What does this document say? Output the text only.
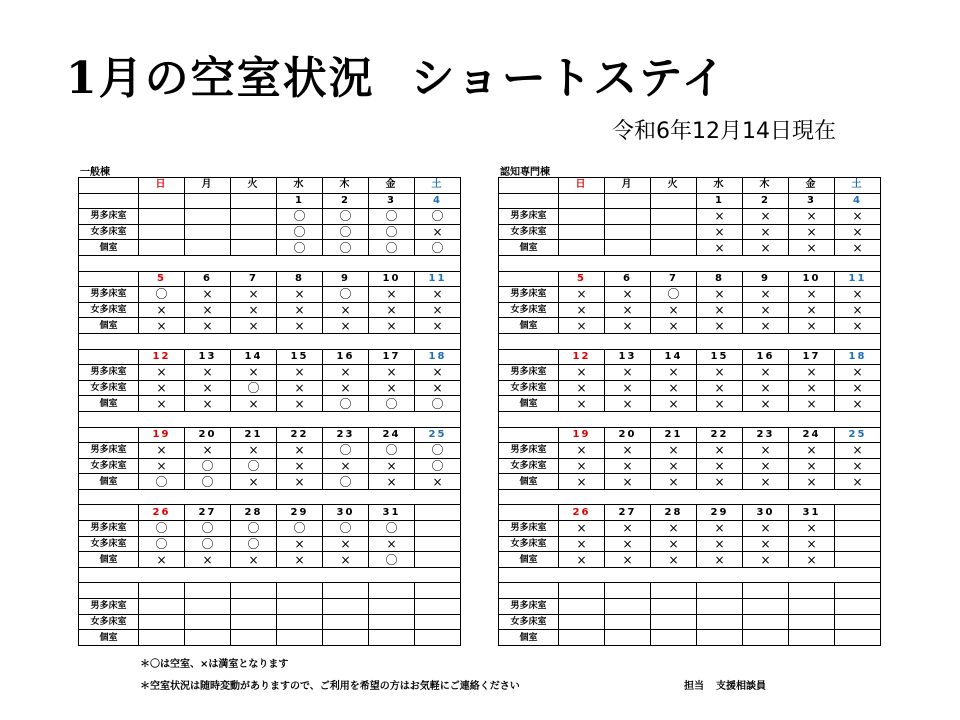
1月の空室状況 ショートステイ
令和6年12月14日現在
一般棟
	日	月	火	水	木	金	土
				1	2	3	4
男多床室				〇	〇	〇	〇
女多床室				〇	〇	〇	×
個室				〇	〇	〇	〇

	5	6	7	8	9	10	11
男多床室	〇	×	×	×	〇	×	×
女多床室	×	×	×	×	×	×	×
個室	×	×	×	×	×	×	×

	12	13	14	15	16	17	18
男多床室	×	×	×	×	×	×	×
女多床室	×	×	〇	×	×	×	×
個室	×	×	×	×	〇	〇	〇

	19	20	21	22	23	24	25
男多床室	×	×	×	×	〇	〇	〇
女多床室	×	〇	〇	×	×	×	〇
個室	〇	〇	×	×	〇	×	×

	26	27	28	29	30	31	
男多床室	〇	〇	〇	〇	〇	〇	
女多床室	〇	〇	〇	×	×	×	
個室	×	×	×	×	×	〇	

男多床室							
女多床室							
個室							
認知専門棟
	日	月	火	水	木	金	土
				1	2	3	4
男多床室				×	×	×	×
女多床室				×	×	×	×
個室				×	×	×	×

	5	6	7	8	9	10	11
男多床室	×	×	〇	×	×	×	×
女多床室	×	×	×	×	×	×	×
個室	×	×	×	×	×	×	×

	12	13	14	15	16	17	18
男多床室	×	×	×	×	×	×	×
女多床室	×	×	×	×	×	×	×
個室	×	×	×	×	×	×	×

	19	20	21	22	23	24	25
男多床室	×	×	×	×	×	×	×
女多床室	×	×	×	×	×	×	×
個室	×	×	×	×	×	×	×

	26	27	28	29	30	31	
男多床室	×	×	×	×	×	×	
女多床室	×	×	×	×	×	×	
個室	×	×	×	×	×	×	

男多床室							
女多床室							
個室							
＊〇は空室、×は満室となります
＊空室状況は随時変動がありますので、ご利用を希望の方はお気軽にご連絡ください	担当 支援相談員
